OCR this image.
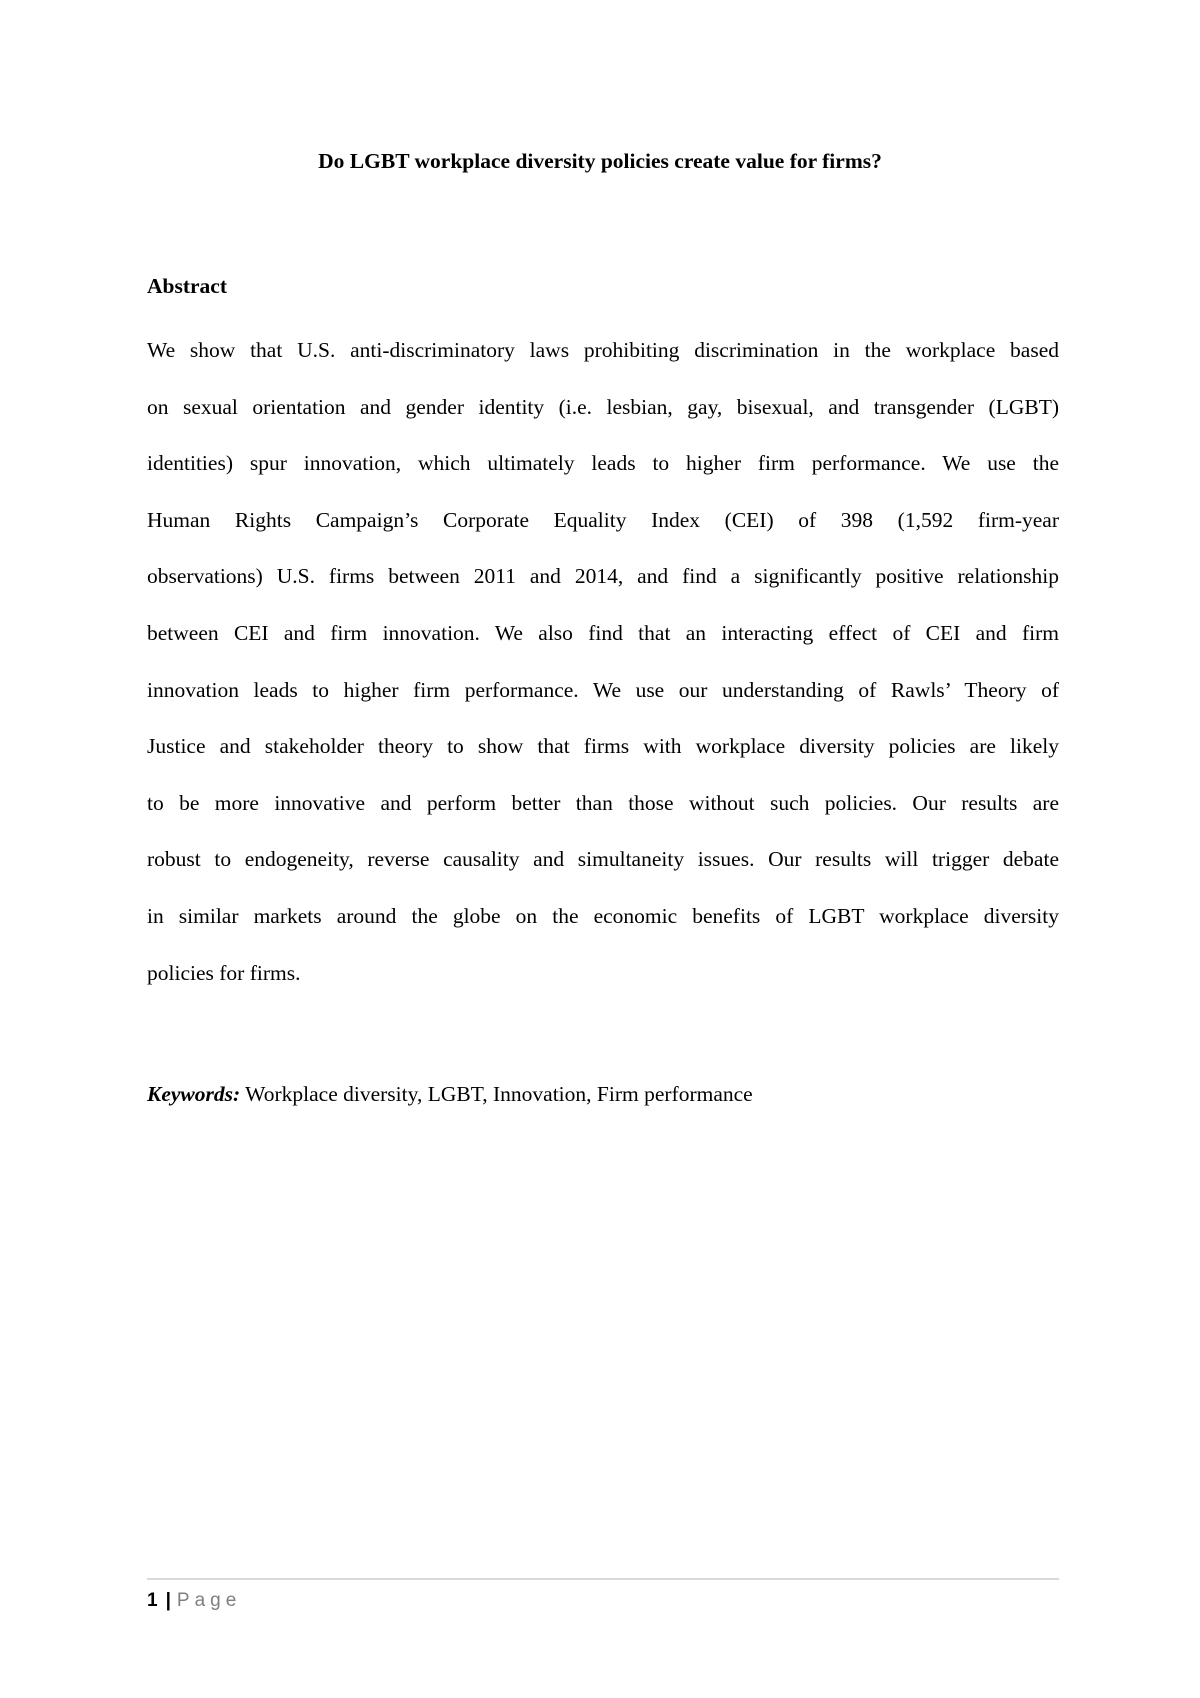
Do LGBT workplace diversity policies create value for firms?
Abstract
We show that U.S. anti-discriminatory laws prohibiting discrimination in the workplace based
on sexual orientation and gender identity (i.e. lesbian, gay, bisexual, and transgender (LGBT)
identities) spur innovation, which ultimately leads to higher firm performance. We use the
Human Rights Campaign’s Corporate Equality Index (CEI) of 398 (1,592 firm-year
observations) U.S. firms between 2011 and 2014, and find a significantly positive relationship
between CEI and firm innovation. We also find that an interacting effect of CEI and firm
innovation leads to higher firm performance. We use our understanding of Rawls’ Theory of
Justice and stakeholder theory to show that firms with workplace diversity policies are likely
to be more innovative and perform better than those without such policies. Our results are
robust to endogeneity, reverse causality and simultaneity issues. Our results will trigger debate
in similar markets around the globe on the economic benefits of LGBT workplace diversity
policies for firms.
Keywords: Workplace diversity, LGBT, Innovation, Firm performance
1 | Page
